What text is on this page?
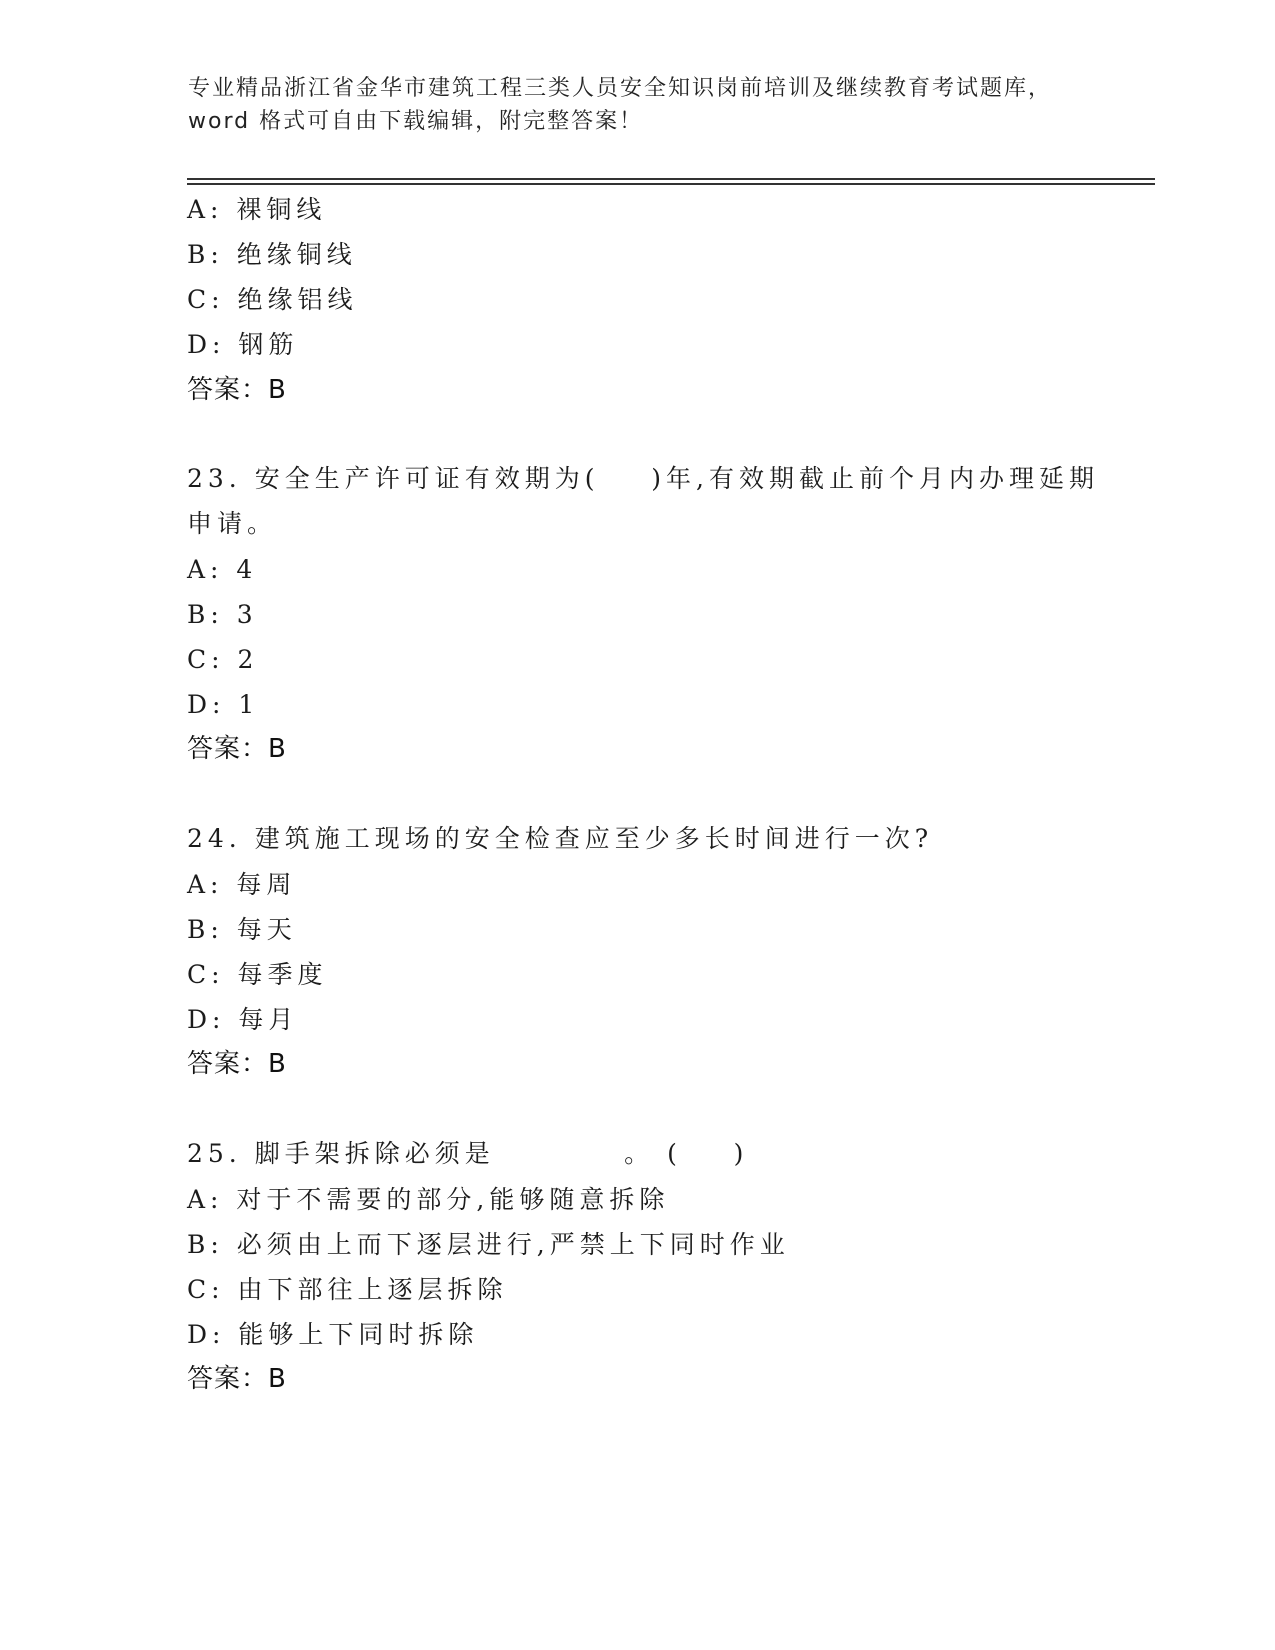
专业精品浙江省金华市建筑工程三类人员安全知识岗前培训及继续教育考试题库，
word 格式可自由下载编辑，附完整答案！
A: 裸铜线
B: 绝缘铜线
C: 绝缘铝线
D: 钢筋
答案：B
23. 安全生产许可证有效期为(    )年,有效期截止前个月内办理延期
申请。
A: 4
B: 3
C: 2
D: 1
答案：B
24. 建筑施工现场的安全检查应至少多长时间进行一次?
A: 每周
B: 每天
C: 每季度
D: 每月
答案：B
25. 脚手架拆除必须是          。 (    )
A: 对于不需要的部分,能够随意拆除
B: 必须由上而下逐层进行,严禁上下同时作业
C: 由下部往上逐层拆除
D: 能够上下同时拆除
答案：B
